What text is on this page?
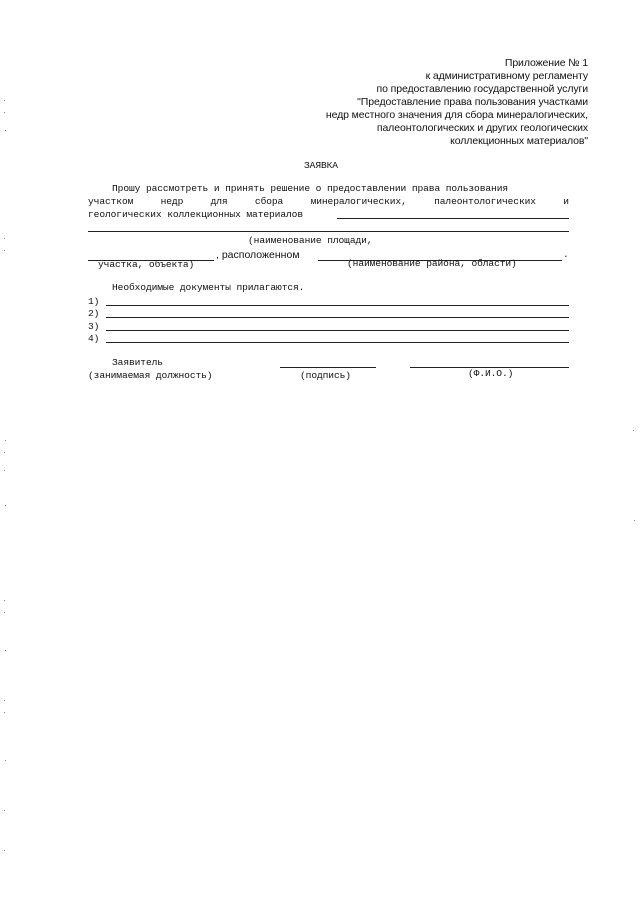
Приложение № 1
к административному регламенту
по предоставлению государственной услуги
"Предоставление права пользования участками
недр местного значения для сбора минералогических,
палеонтологических и других геологических
коллекционных материалов"
ЗАЯВКА
Прошу рассмотреть и принять решение о предоставлении права пользования
участком	недр	для	сбора	минералогических,	палеонтологических	и
геологических коллекционных материалов
(наименование площади,
, расположенном	.
участка, объекта)	(наименование района, области)
Необходимые документы прилагаются.
1)
2)
3)
4)
Заявитель
(занимаемая должность)	(подпись)	(Ф.И.О.)
